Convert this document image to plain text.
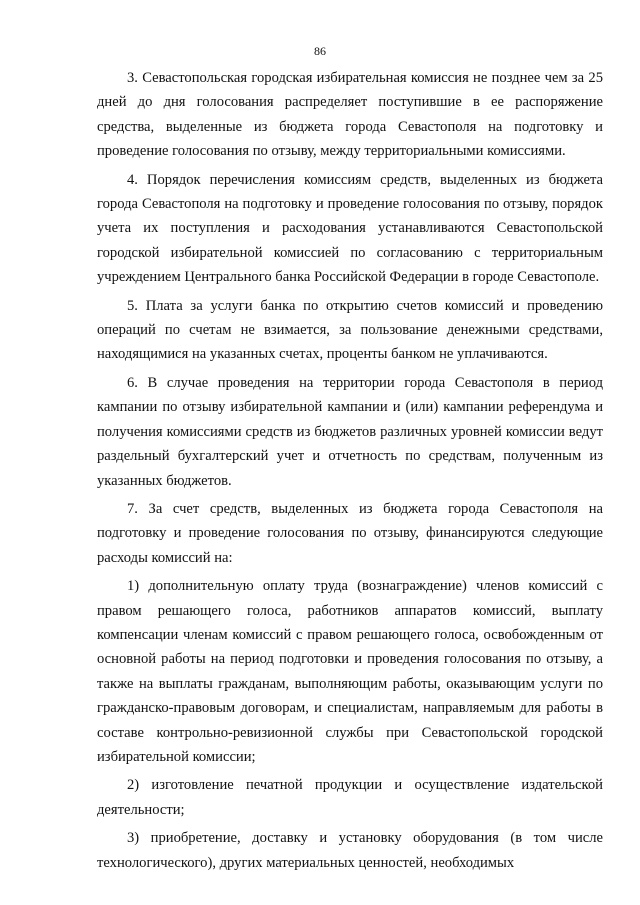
86

3. Севастопольская городская избирательная комиссия не позднее чем за 25 дней до дня голосования распределяет поступившие в ее распоряжение средства, выделенные из бюджета города Севастополя на подготовку и проведение голосования по отзыву, между территориальными комиссиями.

4. Порядок перечисления комиссиям средств, выделенных из бюджета города Севастополя на подготовку и проведение голосования по отзыву, порядок учета их поступления и расходования устанавливаются Севастопольской городской избирательной комиссией по согласованию с территориальным учреждением Центрального банка Российской Федерации в городе Севастополе.

5. Плата за услуги банка по открытию счетов комиссий и проведению операций по счетам не взимается, за пользование денежными средствами, находящимися на указанных счетах, проценты банком не уплачиваются.

6. В случае проведения на территории города Севастополя в период кампании по отзыву избирательной кампании и (или) кампании референдума и получения комиссиями средств из бюджетов различных уровней комиссии ведут раздельный бухгалтерский учет и отчетность по средствам, полученным из указанных бюджетов.

7. За счет средств, выделенных из бюджета города Севастополя на подготовку и проведение голосования по отзыву, финансируются следующие расходы комиссий на:

1) дополнительную оплату труда (вознаграждение) членов комиссий с правом решающего голоса, работников аппаратов комиссий, выплату компенсации членам комиссий с правом решающего голоса, освобожденным от основной работы на период подготовки и проведения голосования по отзыву, а также на выплаты гражданам, выполняющим работы, оказывающим услуги по гражданско-правовым договорам, и специалистам, направляемым для работы в составе контрольно-ревизионной службы при Севастопольской городской избирательной комиссии;

2) изготовление печатной продукции и осуществление издательской деятельности;

3) приобретение, доставку и установку оборудования (в том числе технологического), других материальных ценностей, необходимых
